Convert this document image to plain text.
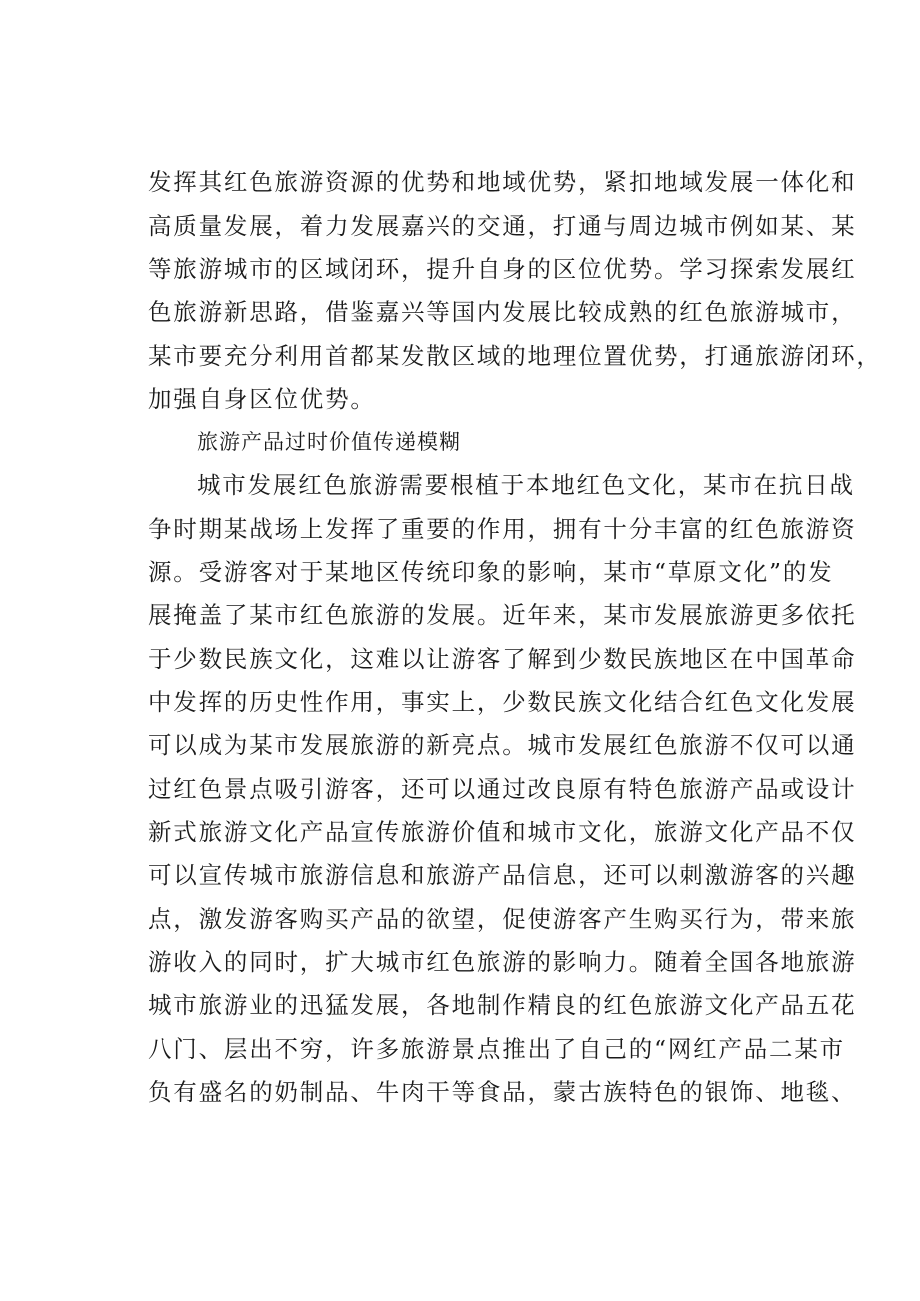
发挥其红色旅游资源的优势和地域优势，紧扣地域发展一体化和
高质量发展，着力发展嘉兴的交通，打通与周边城市例如某、某
等旅游城市的区域闭环，提升自身的区位优势。学习探索发展红
色旅游新思路，借鉴嘉兴等国内发展比较成熟的红色旅游城市，
某市要充分利用首都某发散区域的地理位置优势，打通旅游闭环，
加强自身区位优势。
旅游产品过时价值传递模糊
城市发展红色旅游需要根植于本地红色文化，某市在抗日战
争时期某战场上发挥了重要的作用，拥有十分丰富的红色旅游资
源。受游客对于某地区传统印象的影响，某市“草原文化”的发
展掩盖了某市红色旅游的发展。近年来，某市发展旅游更多依托
于少数民族文化，这难以让游客了解到少数民族地区在中国革命
中发挥的历史性作用，事实上，少数民族文化结合红色文化发展
可以成为某市发展旅游的新亮点。城市发展红色旅游不仅可以通
过红色景点吸引游客，还可以通过改良原有特色旅游产品或设计
新式旅游文化产品宣传旅游价值和城市文化，旅游文化产品不仅
可以宣传城市旅游信息和旅游产品信息，还可以刺激游客的兴趣
点，激发游客购买产品的欲望，促使游客产生购买行为，带来旅
游收入的同时，扩大城市红色旅游的影响力。随着全国各地旅游
城市旅游业的迅猛发展，各地制作精良的红色旅游文化产品五花
八门、层出不穷，许多旅游景点推出了自己的“网红产品二某市
负有盛名的奶制品、牛肉干等食品，蒙古族特色的银饰、地毯、
